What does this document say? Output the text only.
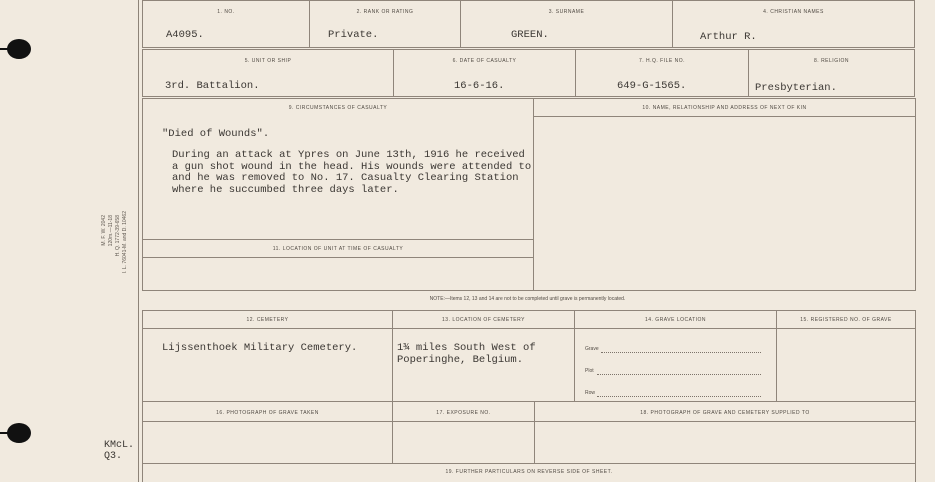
M. F. W. 2042 120m.—11-18 H. Q. 1772-39-658 I. L. 76041-M. and D. 10462
KMcL.
Q3.
1. NO.
A4095.
2. RANK OR RATING
Private.
3. SURNAME
GREEN.
4. CHRISTIAN NAMES
Arthur R.
5. UNIT OR SHIP
3rd. Battalion.
6. DATE OF CASUALTY
16-6-16.
7. H.Q. FILE NO.
649-G-1565.
8. RELIGION
Presbyterian.
9. CIRCUMSTANCES OF CASUALTY
"Died of Wounds".
During an attack at Ypres on June 13th, 1916 he received
a gun shot wound in the head. His wounds were attended to
and he was removed to No. 17. Casualty Clearing Station
where he succumbed three days later.
10. NAME, RELATIONSHIP AND ADDRESS OF NEXT OF KIN
11. LOCATION OF UNIT AT TIME OF CASUALTY
NOTE:—Items 12, 13 and 14 are not to be completed until grave is permanently located.
12. CEMETERY
Lijssenthoek Military Cemetery.
13. LOCATION OF CEMETERY
1¾ miles South West of
Poperinghe, Belgium.
14. GRAVE LOCATION
Grave
Plot
Row
15. REGISTERED NO. OF GRAVE
16. PHOTOGRAPH OF GRAVE TAKEN	17. EXPOSURE NO.	18. PHOTOGRAPH OF GRAVE AND CEMETERY SUPPLIED TO
19. FURTHER PARTICULARS ON REVERSE SIDE OF SHEET.
